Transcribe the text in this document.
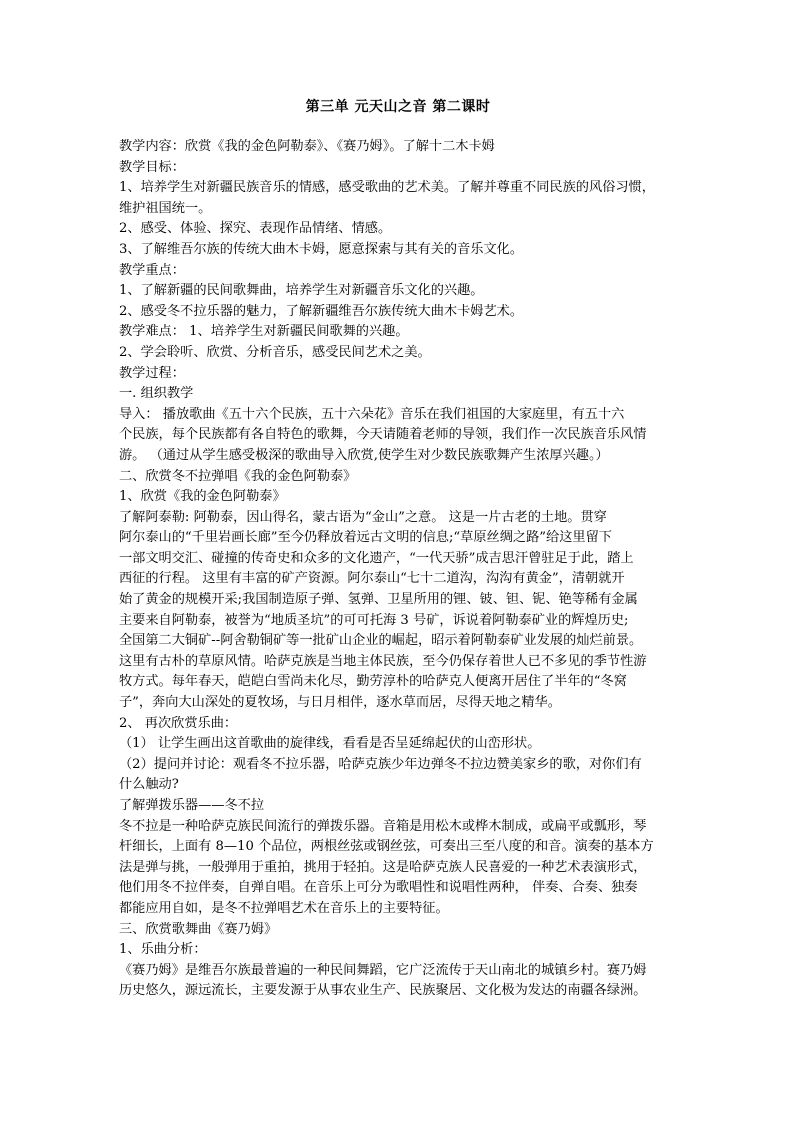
第三单 元天山之音 第二课时
教学内容：欣赏《我的金色阿勒泰》、《赛乃姆》。了解十二木卡姆
教学目标：
1、培养学生对新疆民族音乐的情感，感受歌曲的艺术美。了解并尊重不同民族的风俗习惯，
维护祖国统一。
2、感受、体验、探究、表现作品情绪、情感。
3、了解维吾尔族的传统大曲木卡姆，愿意探索与其有关的音乐文化。
教学重点：
1、了解新疆的民间歌舞曲，培养学生对新疆音乐文化的兴趣。
2、感受冬不拉乐器的魅力，了解新疆维吾尔族传统大曲木卡姆艺术。
教学难点： 1、培养学生对新疆民间歌舞的兴趣。
2、学会聆听、欣赏、分析音乐，感受民间艺术之美。
教学过程：
一. 组织教学
导入： 播放歌曲《五十六个民族，五十六朵花》音乐在我们祖国的大家庭里，有五十六
个民族，每个民族都有各自特色的歌舞，今天请随着老师的导领，我们作一次民族音乐风情
游。 （通过从学生感受极深的歌曲导入欣赏,使学生对少数民族歌舞产生浓厚兴趣。）
二、欣赏冬不拉弹唱《我的金色阿勒泰》
1、欣赏《我的金色阿勒泰》
了解阿泰勒: 阿勒泰，因山得名，蒙古语为“金山”之意。 这是一片古老的土地。贯穿
阿尔泰山的“千里岩画长廊”至今仍释放着远古文明的信息;“草原丝绸之路”给这里留下
一部文明交汇、碰撞的传奇史和众多的文化遗产，“一代天骄”成吉思汗曾驻足于此，踏上
西征的行程。 这里有丰富的矿产资源。阿尔泰山“七十二道沟，沟沟有黄金”，清朝就开
始了黄金的规模开采;我国制造原子弹、氢弹、卫星所用的锂、铍、钽、铌、铯等稀有金属
主要来自阿勒泰，被誉为“地质圣坑”的可可托海 3 号矿，诉说着阿勒泰矿业的辉煌历史;
全国第二大铜矿--阿舍勒铜矿等一批矿山企业的崛起，昭示着阿勒泰矿业发展的灿烂前景。
这里有古朴的草原风情。哈萨克族是当地主体民族，至今仍保存着世人已不多见的季节性游
牧方式。每年春天，皑皑白雪尚未化尽，勤劳淳朴的哈萨克人便离开居住了半年的“冬窝
子”，奔向大山深处的夏牧场，与日月相伴，逐水草而居，尽得天地之精华。
2、 再次欣赏乐曲：
（1） 让学生画出这首歌曲的旋律线，看看是否呈延绵起伏的山峦形状。
（2）提问并讨论：观看冬不拉乐器，哈萨克族少年边弹冬不拉边赞美家乡的歌，对你们有
什么触动?
了解弹拨乐器——冬不拉
冬不拉是一种哈萨克族民间流行的弹拨乐器。音箱是用松木或桦木制成，或扁平或瓢形，琴
杆细长，上面有 8—10 个品位，两根丝弦或钢丝弦，可奏出三至八度的和音。演奏的基本方
法是弹与挑，一般弹用于重拍，挑用于轻拍。这是哈萨克族人民喜爱的一种艺术表演形式，
他们用冬不拉伴奏，自弹自唱。在音乐上可分为歌唱性和说唱性两种， 伴奏、合奏、独奏
都能应用自如，是冬不拉弹唱艺术在音乐上的主要特征。
三、欣赏歌舞曲《赛乃姆》
1、乐曲分析：
《赛乃姆》是维吾尔族最普遍的一种民间舞蹈，它广泛流传于天山南北的城镇乡村。赛乃姆
历史悠久，源远流长，主要发源于从事农业生产、民族聚居、文化极为发达的南疆各绿洲。
